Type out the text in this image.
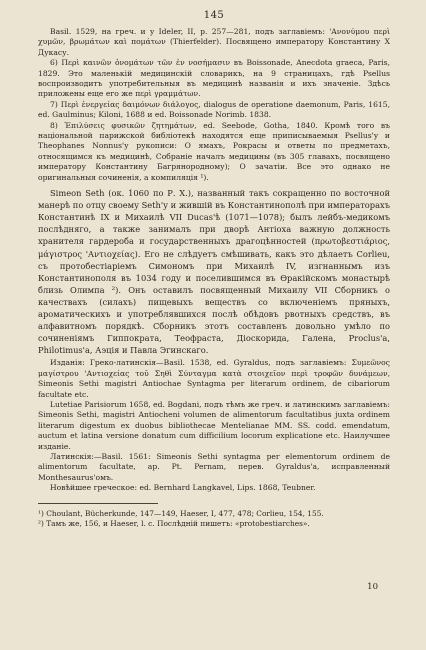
145

Basil. 1529, на греч. и у Ideler, II, р. 257—281, подъ заглавіемъ: 'Ανονύμου περὶ χυμῶν, βρωμάτων καὶ πομάτων (Thierfelder). Посвящено императору Константину X Дукасу.

6) Περὶ καινῶν ὀνομάτων τῶν ἐν νοσήμασιν въ Boissonade, Anecdota graeca, Paris, 1829. Это маленькій медицинскій словарикъ, на 9 страницахъ, гдѣ Pselluѕ воспроизводитъ употребительныя въ медицинѣ названія и ихъ значеніе. Здѣсь приложены еще его же περὶ γραμμάτων.

7) Περὶ ἐνεργείας δαιμόνων διάλογος, dialogus de operatione daemonum, Paris, 1615, ed. Gaulminus; Kiloni, 1688 и ed. Boissonade Norimb. 1838.

8) Ἐπιλύσεις φυσικῶν ζητημάτων, ed. Seebode, Gotha, 1840. Кромѣ того въ національной парижской библіотекѣ находятся еще приписываемыя Psellus'у и Theophanes Nonnus'у рукописи: О ямахъ, Рокрасы и ответы по предметахъ, относящимся къ медицинѣ, Собраніе началъ медицины (въ 305 главахъ, посвящено императору Константину Багрянородному); О зачатіи. Все это однако не оригинальныя сочиненія, а компиляція ¹).

Simeon Seth (ок. 1060 по Р. Х.), названный такъ сокращенно по восточной манерѣ по отцу своему Seth'у и жившій въ Константинополѣ при императорахъ Константинѣ IX и Михаилѣ VII Ducas'ѣ (1071—1078); былъ лейбъ-медикомъ послѣдняго, а также занималъ при дворѣ Антіоха важную должность хранителя гардероба и государственныхъ драгоцѣнностей (πρωτοβεστιάριος, μάγιστρος 'Αντιοχείας). Его не слѣдуетъ смѣшивать, какъ это дѣлаетъ Corlieu, съ протобестіаріемъ Симономъ при Михаилѣ IV, изгнаннымъ изъ Константинополя въ 1034 году и поселившимся въ Ѳракійскомъ монастырѣ близь Олимпа ²). Онъ оставилъ посвященный Михаилу VII Сборникъ о качествахъ (силахъ) пищевыхъ веществъ со включеніемъ пряныхъ, ароматическихъ и употреблявшихся послѣ обѣдовъ рвотныхъ средствъ, въ алфавитномъ порядкѣ. Сборникъ этотъ составленъ довольно умѣло по сочиненіямъ Гиппократа, Теофраста, Діоскорида, Галена, Proclus'а, Philotimus'а, Аэція и Павла Эгинскаго.

Изданія: Греко-латинскія—Basil. 1538, ed. Gyraldus, подъ заглавіемъ: Συμεῶνος μαγίστρου 'Αντιοχείας τοῦ Σηθὶ Σύνταγμα κατὰ στοιχεῖον περὶ τροφῶν δυνάμεων, Simeonis Sethi magistri Antiochae Syntagma per literarum ordinem, de cibariorum facultate etc.

Lutetiae Parisiorum 1658, ed. Bogdani, подъ тѣмъ же греч. и латинскимъ заглавіемъ: Simeonis Sethi, magistri Antiocheni volumen de alimentorum facultatibus juxta ordinem literarum digestum ex duobus bibliothecae Mentelianae MM. SS. codd. emendatum, auctum et latina versione donatum cum difficilium locorum explicatione etc. Наилучшее изданіе.

Латинскія:—Basil. 1561: Simeonis Sethi syntagma per elementorum ordinem de alimentorum facultate, ар. Pt. Pernam, перев. Gyraldus'а, исправленный Monthesaurus'омъ.

Новѣйшее греческое: ed. Bernhard Langkavel, Lips. 1868, Teubner.

¹) Choulant, Bücherkunde, 147—149, Haeser, I, 477, 478; Corlieu, 154, 155.

²) Тамъ же, 156, и Haeser, l. с. Послѣдній пишетъ: «protobestiarches».

10
